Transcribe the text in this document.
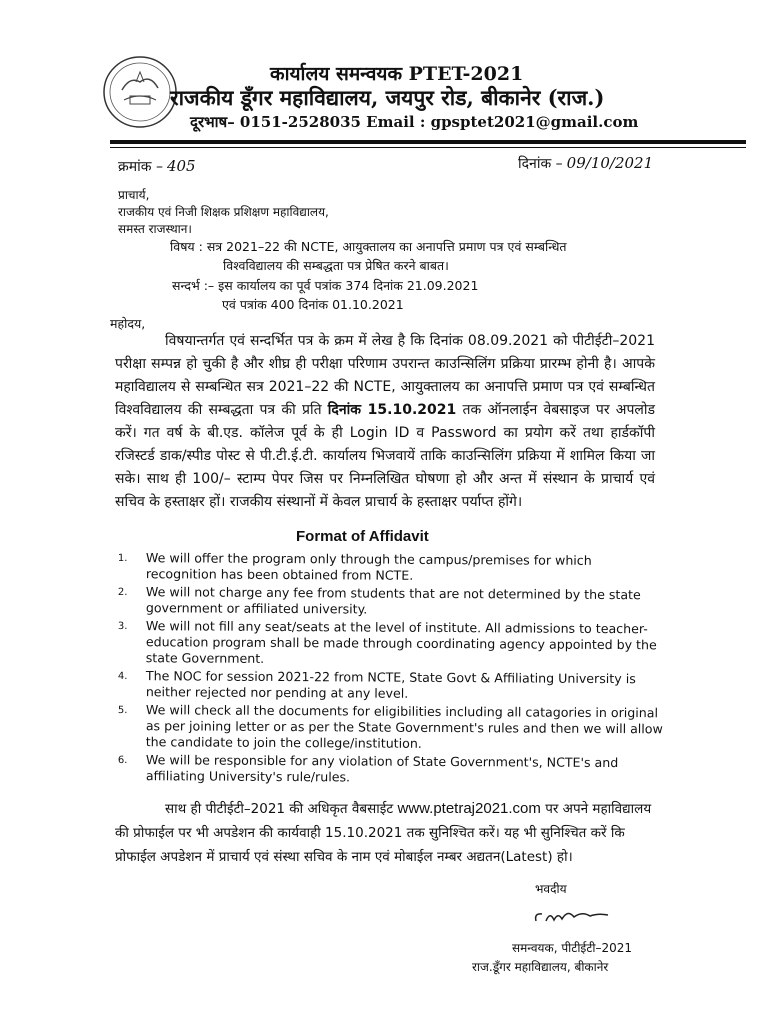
कार्यालय समन्वयक PTET-2021
राजकीय डूँगर महाविद्यालय, जयपुर रोड, बीकानेर (राज.)
दूरभाष– 0151-2528035 Email : gpsptet2021@gmail.com
क्रमांक – 405	दिनांक – 09/10/2021
प्राचार्य,
राजकीय एवं निजी शिक्षक प्रशिक्षण महाविद्यालय,
समस्त राजस्थान।
विषय : सत्र 2021–22 की NCTE, आयुक्तालय का अनापत्ति प्रमाण पत्र एवं सम्बन्धित
विश्वविद्यालय की सम्बद्धता पत्र प्रेषित करने बाबत।
सन्दर्भ :– इस कार्यालय का पूर्व पत्रांक 374 दिनांक 21.09.2021
एवं पत्रांक 400 दिनांक 01.10.2021
महोदय,

विषयान्तर्गत एवं सन्दर्भित पत्र के क्रम में लेख है कि दिनांक 08.09.2021 को पीटीईटी–2021 परीक्षा सम्पन्न हो चुकी है और शीघ्र ही परीक्षा परिणाम उपरान्त काउन्सिलिंग प्रक्रिया प्रारम्भ होनी है। आपके महाविद्यालय से सम्बन्धित सत्र 2021–22 की NCTE, आयुक्तालय का अनापत्ति प्रमाण पत्र एवं सम्बन्धित विश्वविद्यालय की सम्बद्धता पत्र की प्रति दिनांक 15.10.2021 तक ऑनलाईन वेबसाइज पर अपलोड करें। गत वर्ष के बी.एड. कॉलेज पूर्व के ही Login ID व Password का प्रयोग करें तथा हार्डकॉपी रजिस्टर्ड डाक/स्पीड पोस्ट से पी.टी.ई.टी. कार्यालय भिजवायें ताकि काउन्सिलिंग प्रक्रिया में शामिल किया जा सके। साथ ही 100/– स्टाम्प पेपर जिस पर निम्नलिखित घोषणा हो और अन्त में संस्थान के प्राचार्य एवं सचिव के हस्ताक्षर हों। राजकीय संस्थानों में केवल प्राचार्य के हस्ताक्षर पर्याप्त होंगे।

Format of Affidavit
1. We will offer the program only through the campus/premises for which recognition has been obtained from NCTE.
2. We will not charge any fee from students that are not determined by the state government or affiliated university.
3. We will not fill any seat/seats at the level of institute. All admissions to teacher-education program shall be made through coordinating agency appointed by the state Government.
4. The NOC for session 2021-22 from NCTE, State Govt & Affiliating University is neither rejected nor pending at any level.
5. We will check all the documents for eligibilities including all catagories in original as per joining letter or as per the State Government's rules and then we will allow the candidate to join the college/institution.
6. We will be responsible for any violation of State Government's, NCTE's and affiliating University's rule/rules.
साथ ही पीटीईटी–2021 की अधिकृत वैबसाईट www.ptetraj2021.com पर अपने महाविद्यालय की प्रोफाईल पर भी अपडेशन की कार्यवाही 15.10.2021 तक सुनिश्चित करें। यह भी सुनिश्चित करें कि प्रोफाईल अपडेशन में प्राचार्य एवं संस्था सचिव के नाम एवं मोबाईल नम्बर अद्यतन(Latest) हो।
भवदीय
समन्वयक, पीटीईटी–2021
राज.डूँगर महाविद्यालय, बीकानेर
